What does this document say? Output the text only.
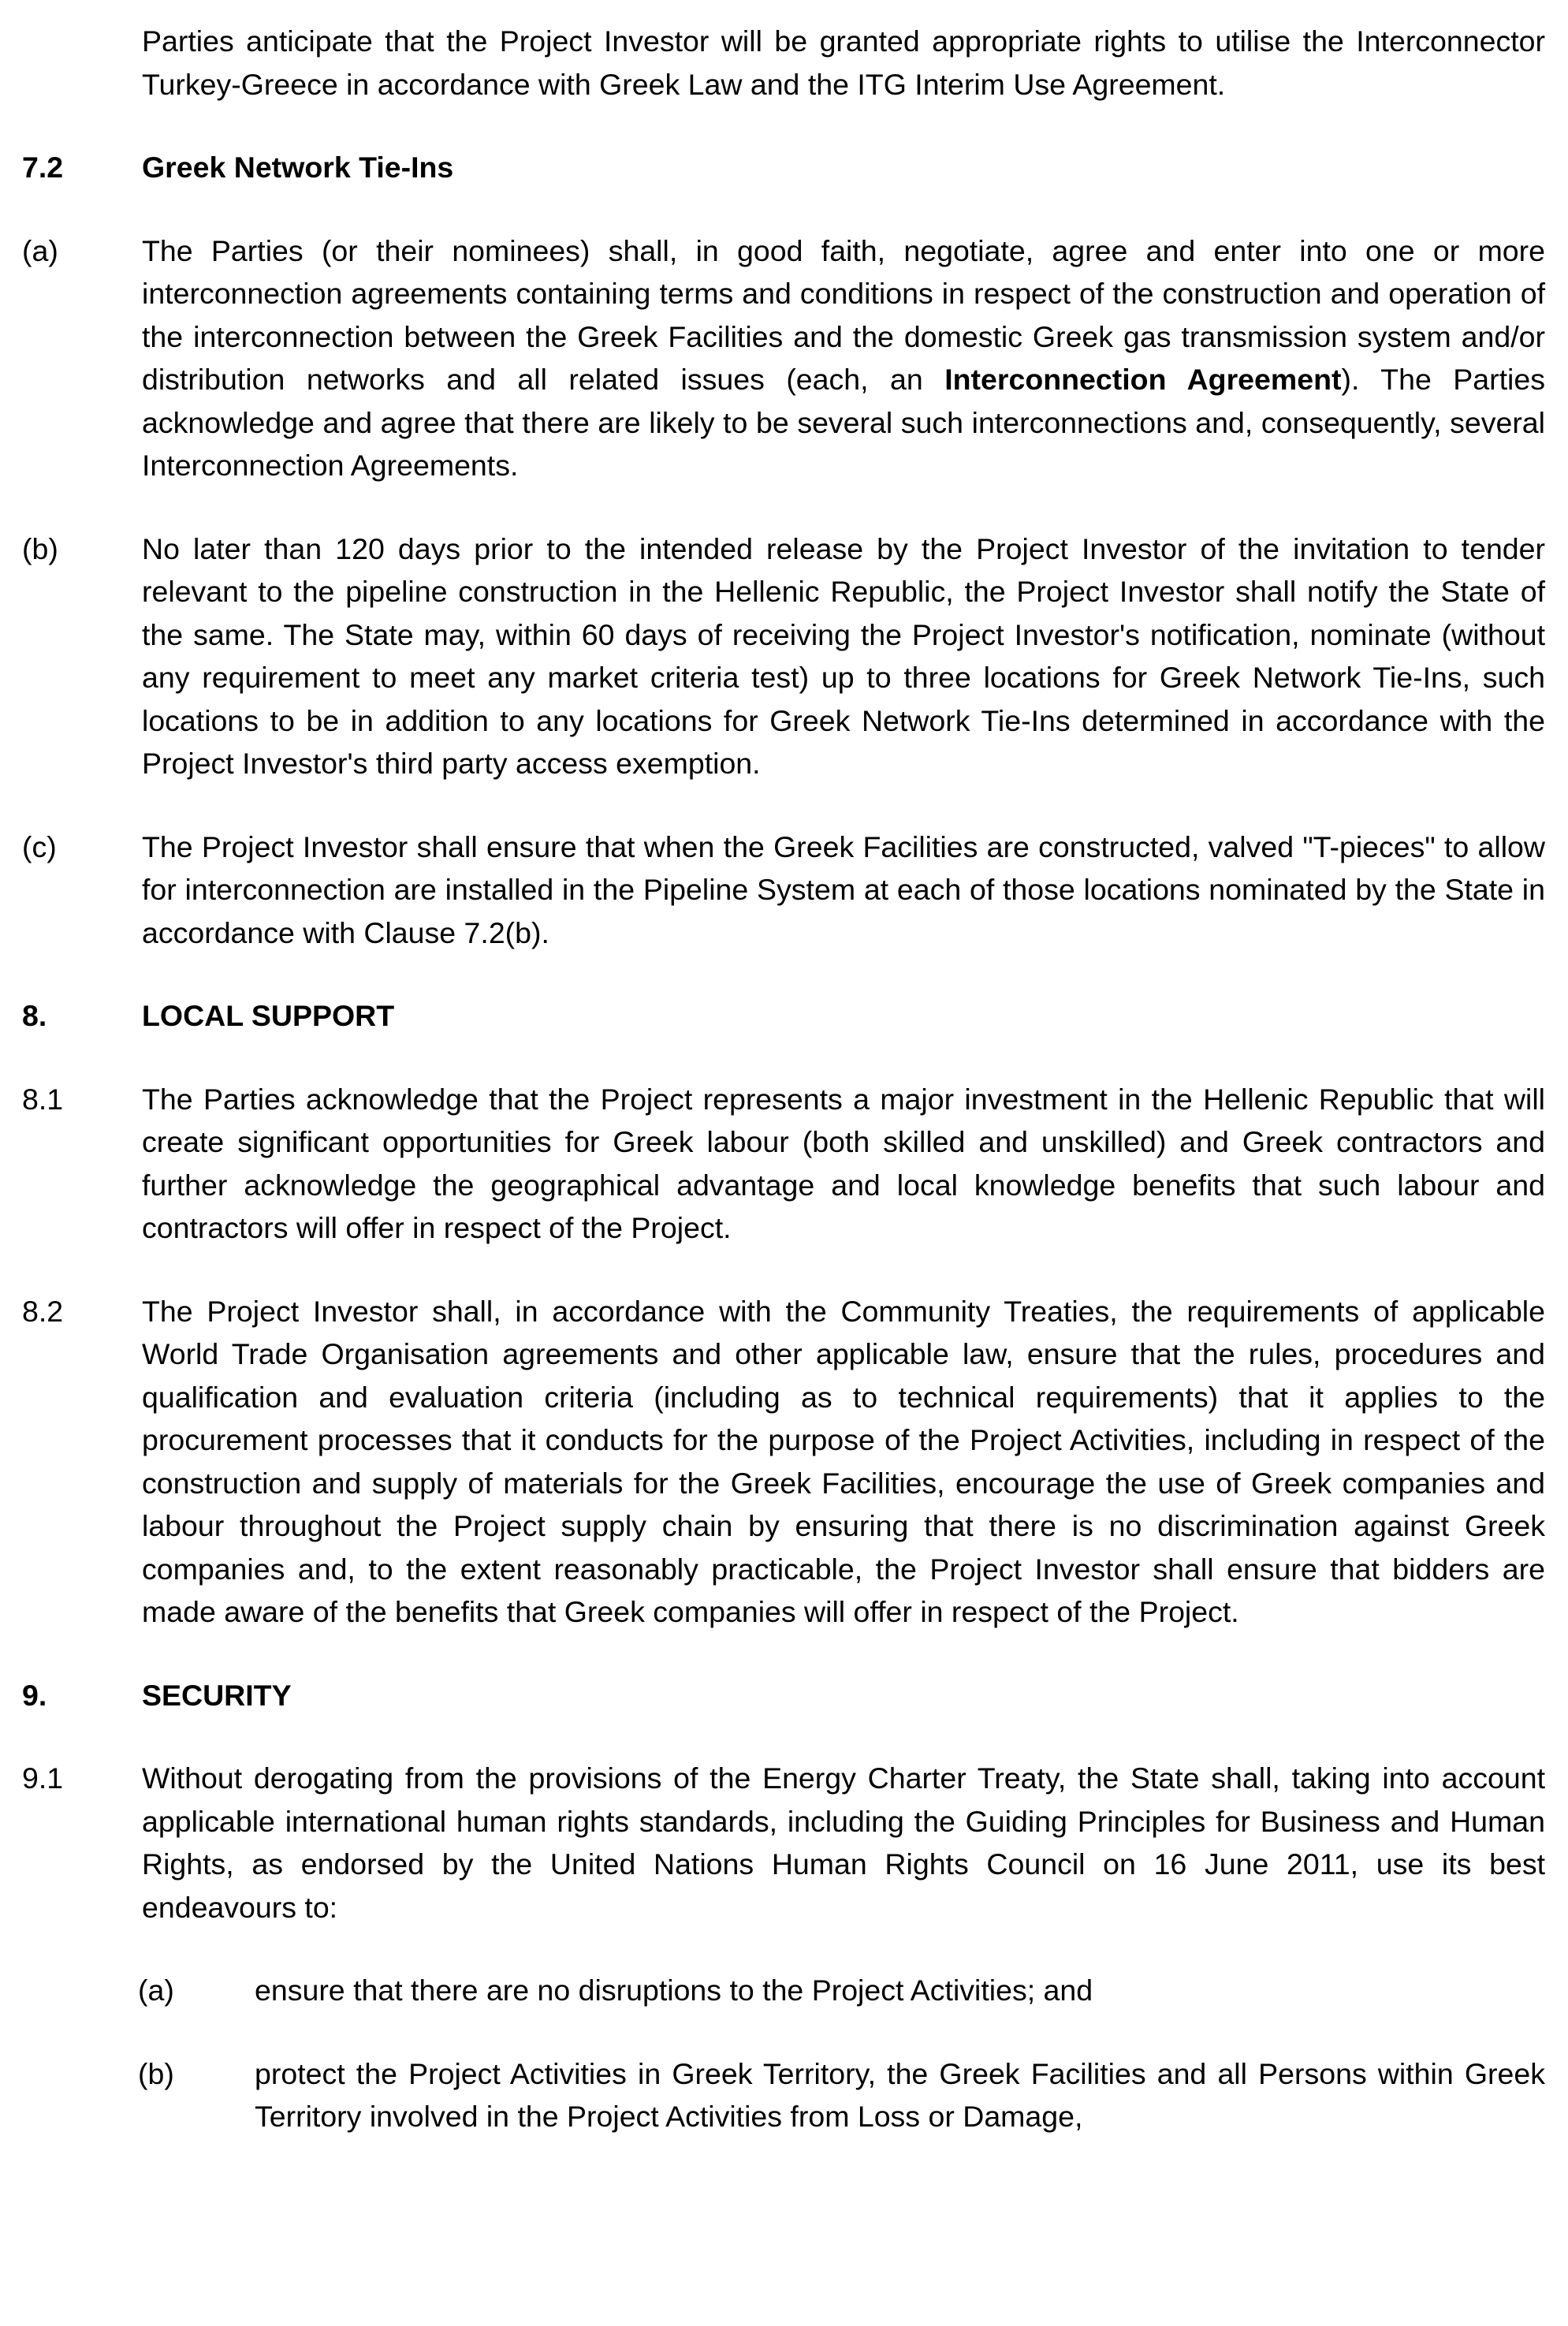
Parties anticipate that the Project Investor will be granted appropriate rights to utilise the Interconnector Turkey-Greece in accordance with Greek Law and the ITG Interim Use Agreement.
7.2	Greek Network Tie-Ins
(a)	The Parties (or their nominees) shall, in good faith, negotiate, agree and enter into one or more interconnection agreements containing terms and conditions in respect of the construction and operation of the interconnection between the Greek Facilities and the domestic Greek gas transmission system and/or distribution networks and all related issues (each, an Interconnection Agreement). The Parties acknowledge and agree that there are likely to be several such interconnections and, consequently, several Interconnection Agreements.
(b)	No later than 120 days prior to the intended release by the Project Investor of the invitation to tender relevant to the pipeline construction in the Hellenic Republic, the Project Investor shall notify the State of the same. The State may, within 60 days of receiving the Project Investor's notification, nominate (without any requirement to meet any market criteria test) up to three locations for Greek Network Tie-Ins, such locations to be in addition to any locations for Greek Network Tie-Ins determined in accordance with the Project Investor's third party access exemption.
(c)	The Project Investor shall ensure that when the Greek Facilities are constructed, valved "T-pieces" to allow for interconnection are installed in the Pipeline System at each of those locations nominated by the State in accordance with Clause 7.2(b).
8.	LOCAL SUPPORT
8.1	The Parties acknowledge that the Project represents a major investment in the Hellenic Republic that will create significant opportunities for Greek labour (both skilled and unskilled) and Greek contractors and further acknowledge the geographical advantage and local knowledge benefits that such labour and contractors will offer in respect of the Project.
8.2	The Project Investor shall, in accordance with the Community Treaties, the requirements of applicable World Trade Organisation agreements and other applicable law, ensure that the rules, procedures and qualification and evaluation criteria (including as to technical requirements) that it applies to the procurement processes that it conducts for the purpose of the Project Activities, including in respect of the construction and supply of materials for the Greek Facilities, encourage the use of Greek companies and labour throughout the Project supply chain by ensuring that there is no discrimination against Greek companies and, to the extent reasonably practicable, the Project Investor shall ensure that bidders are made aware of the benefits that Greek companies will offer in respect of the Project.
9.	SECURITY
9.1	Without derogating from the provisions of the Energy Charter Treaty, the State shall, taking into account applicable international human rights standards, including the Guiding Principles for Business and Human Rights, as endorsed by the United Nations Human Rights Council on 16 June 2011, use its best endeavours to:
(a)	ensure that there are no disruptions to the Project Activities; and
(b)	protect the Project Activities in Greek Territory, the Greek Facilities and all Persons within Greek Territory involved in the Project Activities from Loss or Damage,
